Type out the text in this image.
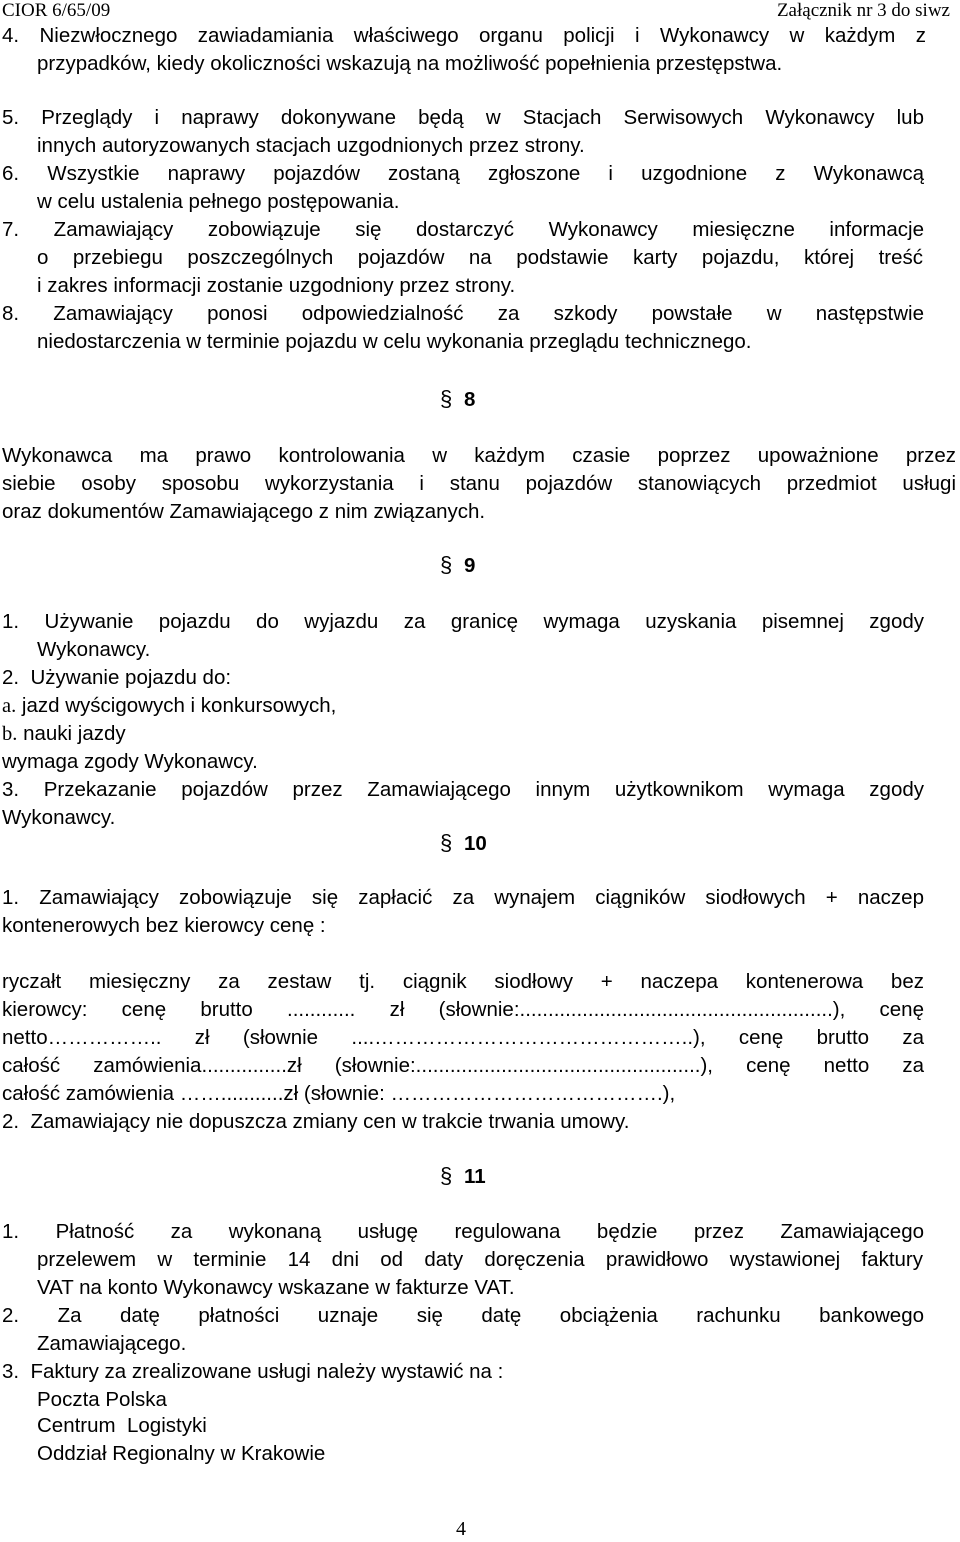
CIOR 6/65/09	Załącznik nr 3 do siwz
4. Niezwłocznego zawiadamiania właściwego organu policji i Wykonawcy w każdym z
przypadków, kiedy okoliczności wskazują na możliwość popełnienia przestępstwa.
5. Przeglądy i naprawy dokonywane będą w Stacjach Serwisowych Wykonawcy lub
innych autoryzowanych stacjach uzgodnionych przez strony.
6. Wszystkie naprawy pojazdów zostaną zgłoszone i uzgodnione z Wykonawcą
w celu ustalenia pełnego postępowania.
7. Zamawiający zobowiązuje się dostarczyć Wykonawcy miesięczne informacje
o przebiegu poszczególnych pojazdów na podstawie karty pojazdu, której treść
i zakres informacji zostanie uzgodniony przez strony.
8. Zamawiający ponosi odpowiedzialność za szkody powstałe w następstwie
niedostarczenia w terminie pojazdu w celu wykonania przeglądu technicznego.
§8
Wykonawca ma prawo kontrolowania w każdym czasie poprzez upoważnione przez
siebie osoby sposobu wykorzystania i stanu pojazdów stanowiących przedmiot usługi
oraz dokumentów Zamawiającego z nim związanych.
§9
1. Używanie pojazdu do wyjazdu za granicę wymaga uzyskania pisemnej zgody
Wykonawcy.
2.  Używanie pojazdu do:
a. jazd wyścigowych i konkursowych,
b. nauki jazdy
wymaga zgody Wykonawcy.
3. Przekazanie pojazdów przez Zamawiającego innym użytkownikom wymaga zgody
Wykonawcy.
§10
1. Zamawiający zobowiązuje się zapłacić za wynajem ciągników siodłowych + naczep
kontenerowych bez kierowcy cenę :
ryczałt miesięczny za zestaw tj. ciągnik siodłowy + naczepa kontenerowa bez
kierowcy: cenę brutto ............ zł (słownie:.......................................................), cenę
netto…………….. zł (słownie ....………………………………………..), cenę brutto za
całość zamówienia...............zł (słownie:..................................................), cenę netto za
całość zamówienia ……...........zł (słownie: ………………………………….),
2.  Zamawiający nie dopuszcza zmiany cen w trakcie trwania umowy.
§11
1. Płatność za wykonaną usługę regulowana będzie przez Zamawiającego
przelewem w terminie 14 dni od daty doręczenia prawidłowo wystawionej faktury
VAT na konto Wykonawcy wskazane w fakturze VAT.
2. Za datę płatności uznaje się datę obciążenia rachunku bankowego
Zamawiającego.
3.  Faktury za zrealizowane usługi należy wystawić na :
Poczta Polska
Centrum  Logistyki
Oddział Regionalny w Krakowie
4
